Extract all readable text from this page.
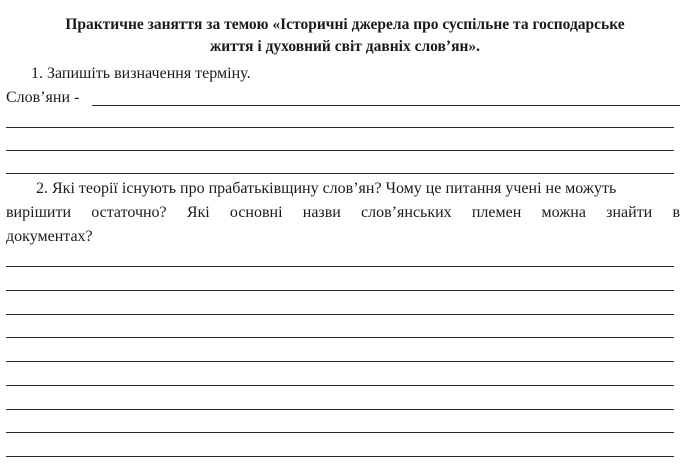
Практичне заняття за темою «Історичні джерела про суспільне та господарське
життя і духовний світ давніх слов’ян».
1. Запишіть визначення терміну.
Слов’яни -
2. Які теорії існують про прабатьківщину слов’ян? Чому це питання учені не можуть
вирішити остаточно? Які основні назви слов’янських племен можна знайти в
документах?
